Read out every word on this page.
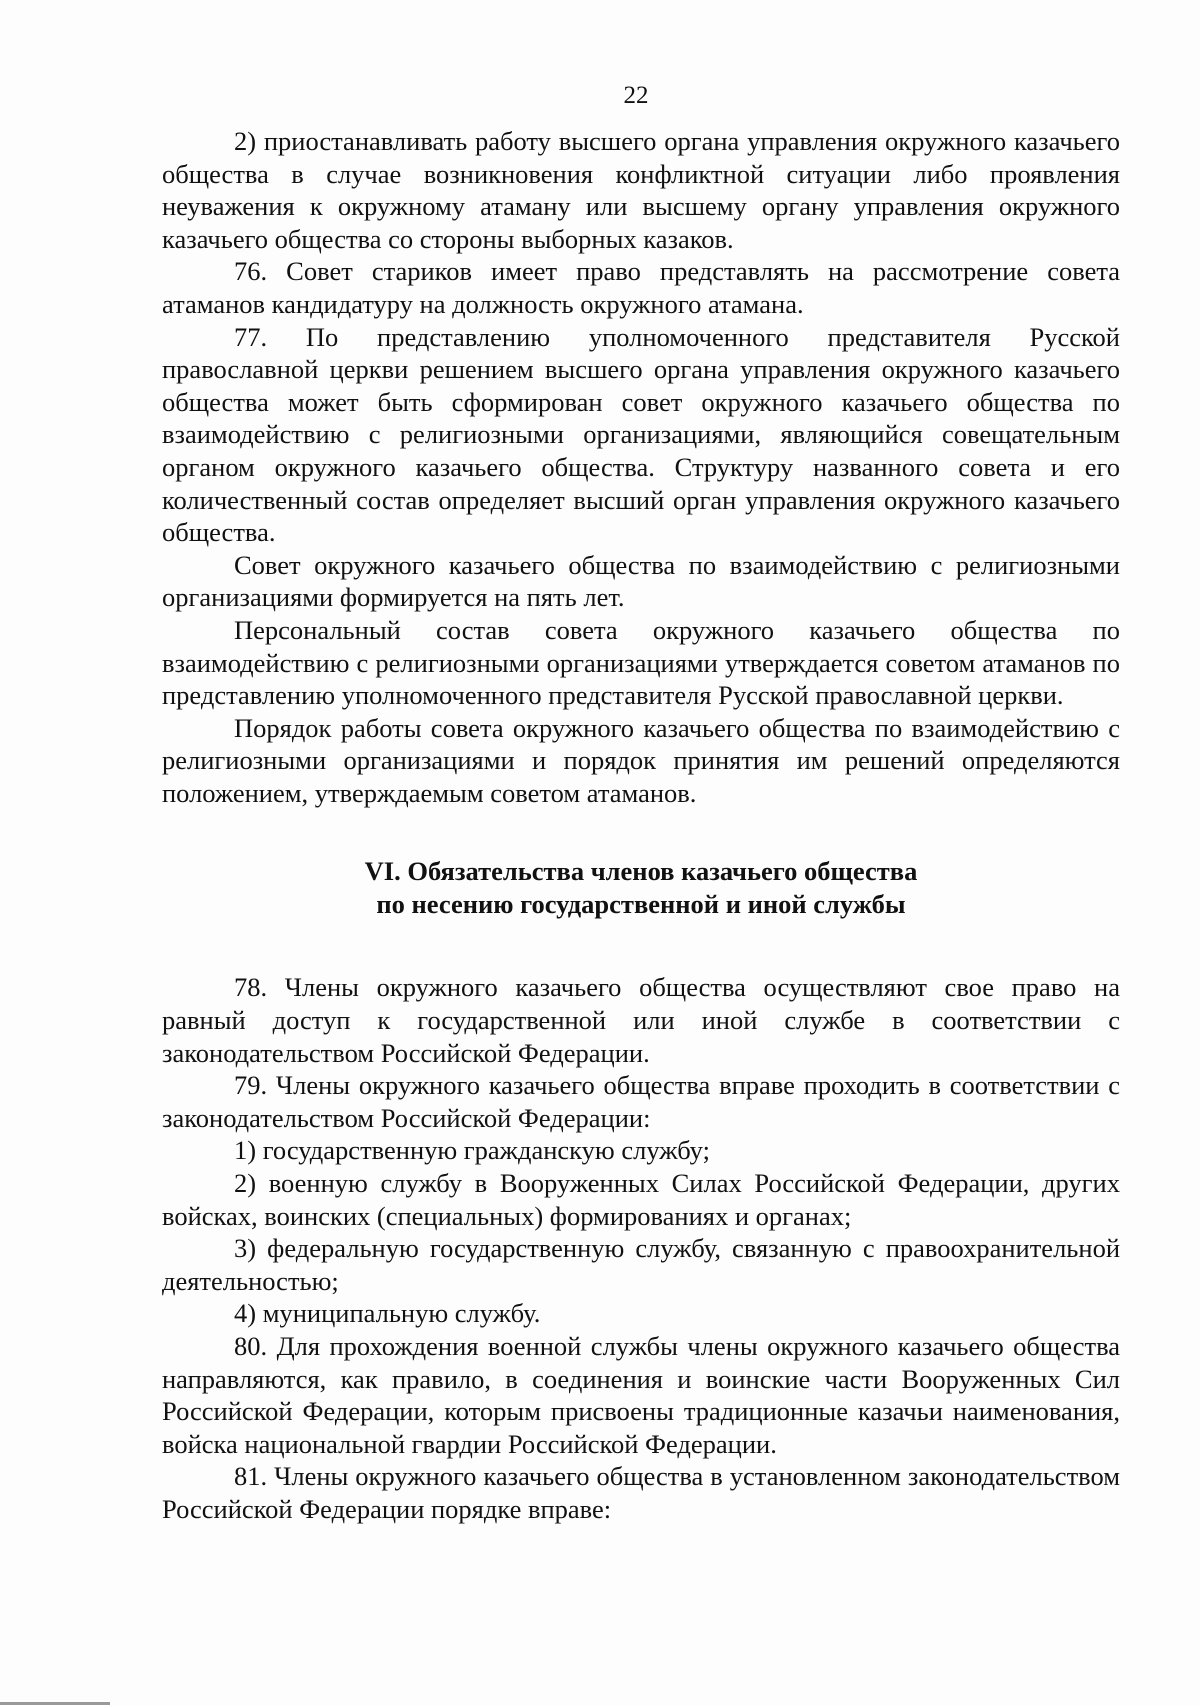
22

2) приостанавливать работу высшего органа управления окружного казачьего общества в случае возникновения конфликтной ситуации либо проявления неуважения к окружному атаману или высшему органу управления окружного казачьего общества со стороны выборных казаков.

76. Совет стариков имеет право представлять на рассмотрение совета атаманов кандидатуру на должность окружного атамана.

77. По представлению уполномоченного представителя Русской православной церкви решением высшего органа управления окружного казачьего общества может быть сформирован совет окружного казачьего общества по взаимодействию с религиозными организациями, являющийся совещательным органом окружного казачьего общества. Структуру названного совета и его количественный состав определяет высший орган управления окружного казачьего общества.

Совет окружного казачьего общества по взаимодействию с религиозными организациями формируется на пять лет.

Персональный состав совета окружного казачьего общества по взаимодействию с религиозными организациями утверждается советом атаманов по представлению уполномоченного представителя Русской православной церкви.

Порядок работы совета окружного казачьего общества по взаимодействию с религиозными организациями и порядок принятия им решений определяются положением, утверждаемым советом атаманов.

VI. Обязательства членов казачьего общества
по несению государственной и иной службы

78. Члены окружного казачьего общества осуществляют свое право на равный доступ к государственной или иной службе в соответствии с законодательством Российской Федерации.

79. Члены окружного казачьего общества вправе проходить в соответствии с законодательством Российской Федерации:

1) государственную гражданскую службу;

2) военную службу в Вооруженных Силах Российской Федерации, других войсках, воинских (специальных) формированиях и органах;

3) федеральную государственную службу, связанную с правоохранительной деятельностью;

4) муниципальную службу.

80. Для прохождения военной службы члены окружного казачьего общества направляются, как правило, в соединения и воинские части Вооруженных Сил Российской Федерации, которым присвоены традиционные казачьи наименования, войска национальной гвардии Российской Федерации.

81. Члены окружного казачьего общества в установленном законодательством Российской Федерации порядке вправе:
